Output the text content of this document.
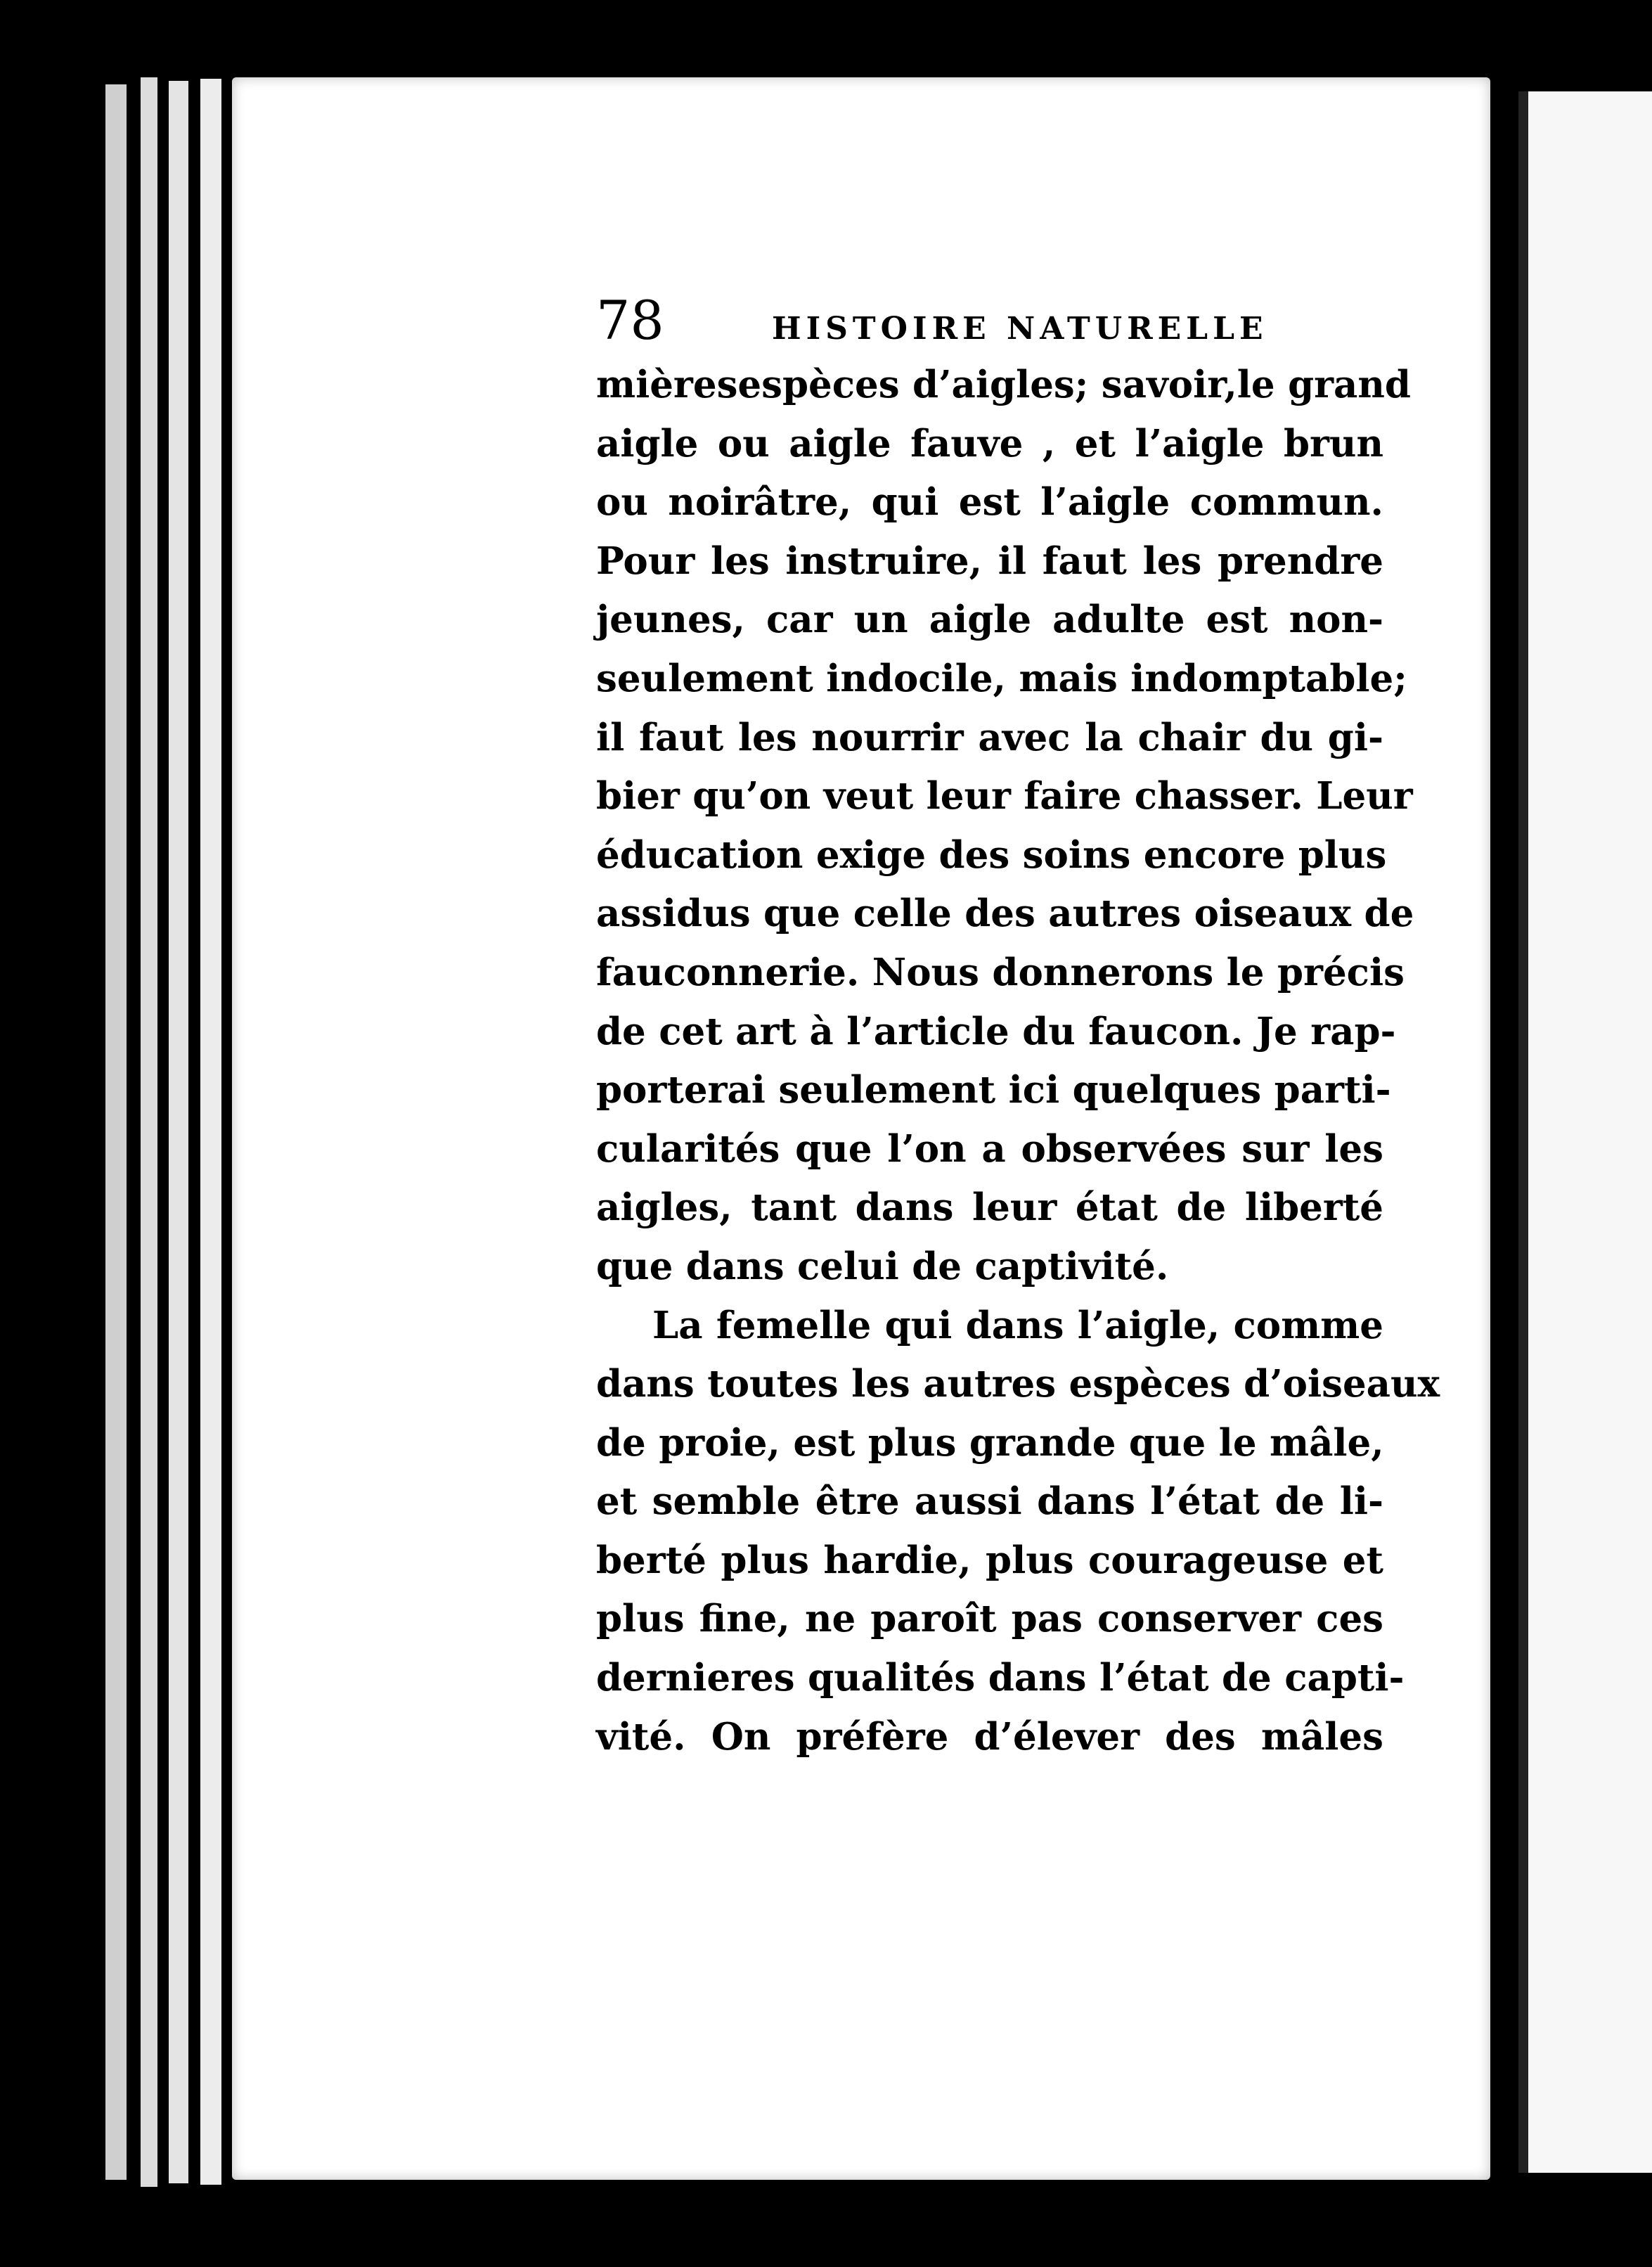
78	HISTOIRE NATURELLE
mièresespèces d’aigles; savoir,le grand
aigle ou aigle fauve , et l’aigle brun
ou noirâtre, qui est l’aigle commun.
Pour les instruire, il faut les prendre
jeunes, car un aigle adulte est non-
seulement indocile, mais indomptable;
il faut les nourrir avec la chair du gi-
bier qu’on veut leur faire chasser. Leur
éducation exige des soins encore plus
assidus que celle des autres oiseaux de
fauconnerie. Nous donnerons le précis
de cet art à l’article du faucon. Je rap-
porterai seulement ici quelques parti-
cularités que l’on a observées sur les
aigles, tant dans leur état de liberté
que dans celui de captivité.
La femelle qui dans l’aigle, comme
dans toutes les autres espèces d’oiseaux
de proie, est plus grande que le mâle,
et semble être aussi dans l’état de li-
berté plus hardie, plus courageuse et
plus fine, ne paroît pas conserver ces
dernieres qualités dans l’état de capti-
vité. On préfère d’élever des mâles
